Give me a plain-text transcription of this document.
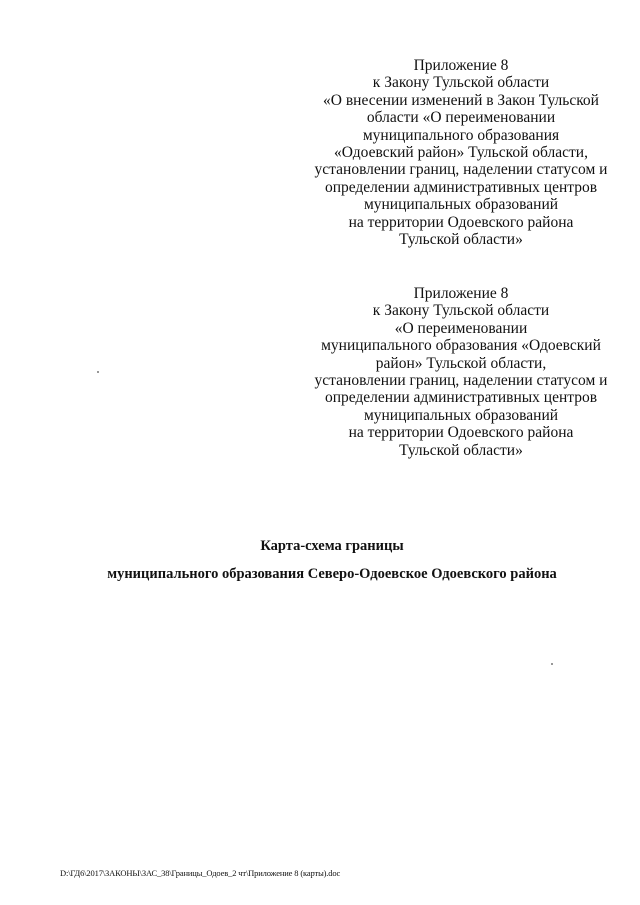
Приложение 8
к Закону Тульской области
«О внесении изменений в Закон Тульской
области «О переименовании
муниципального образования
«Одоевский район» Тульской области,
установлении границ, наделении статусом и
определении административных центров
муниципальных образований
на территории Одоевского района
Тульской области»
Приложение 8
к Закону Тульской области
«О переименовании
муниципального образования «Одоевский
район» Тульской области,
установлении границ, наделении статусом и
определении административных центров
муниципальных образований
на территории Одоевского района
Тульской области»
Карта-схема границы
муниципального образования Северо-Одоевское Одоевского района
D:\ГД6\2017\ЗАКОНЫ\ЗАС_38\Границы_Одоев_2 чт\Приложение 8 (карты).doc
